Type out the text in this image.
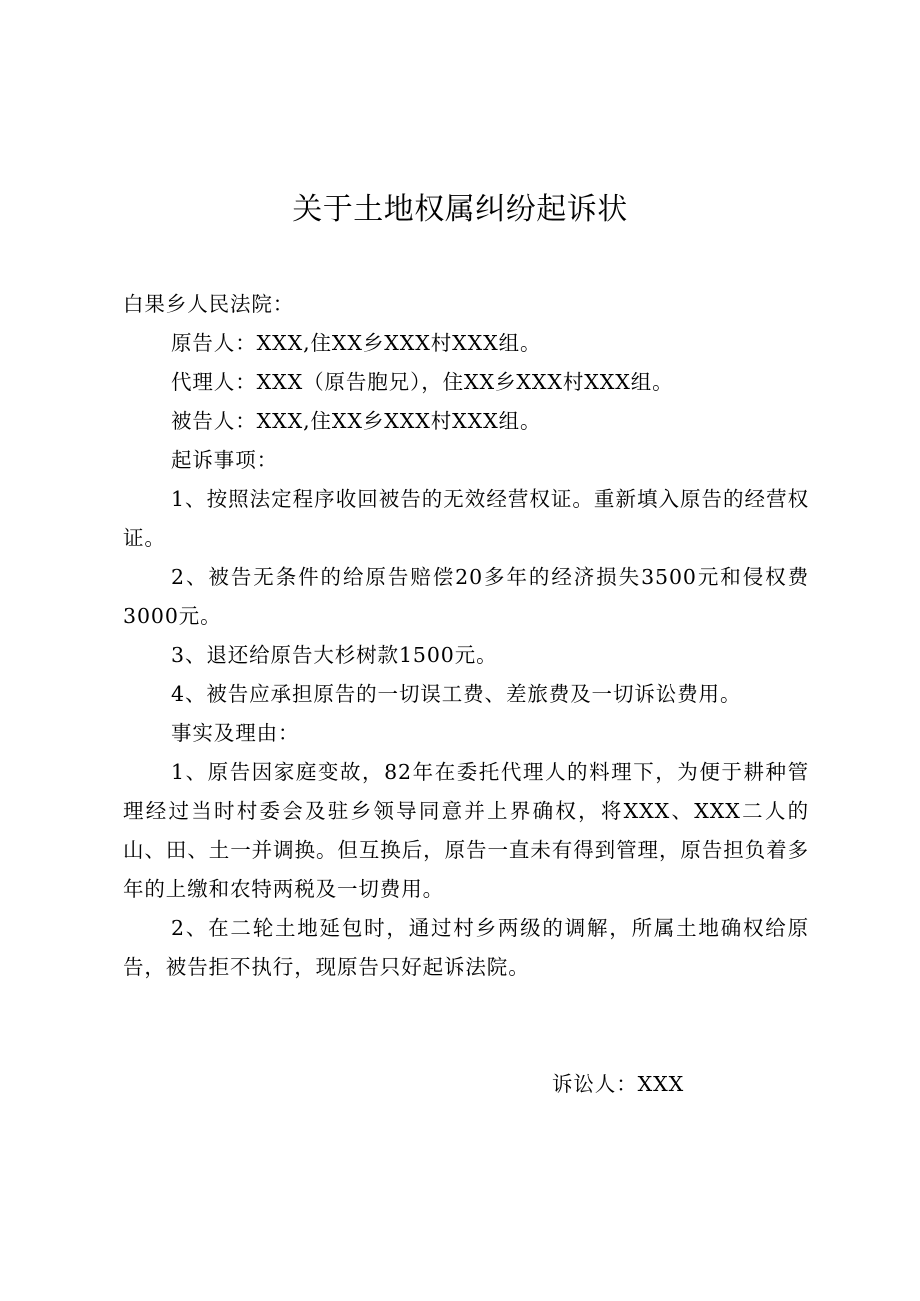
关于土地权属纠纷起诉状

白果乡人民法院：

原告人：XXX,住XX乡XXX村XXX组。

代理人：XXX（原告胞兄），住XX乡XXX村XXX组。

被告人：XXX,住XX乡XXX村XXX组。

起诉事项：

1、按照法定程序收回被告的无效经营权证。重新填入原告的经营权证。

2、被告无条件的给原告赔偿20多年的经济损失3500元和侵权费3000元。

3、退还给原告大杉树款1500元。

4、被告应承担原告的一切误工费、差旅费及一切诉讼费用。

事实及理由：

1、原告因家庭变故，82年在委托代理人的料理下，为便于耕种管理经过当时村委会及驻乡领导同意并上界确权，将XXX、XXX二人的山、田、土一并调换。但互换后，原告一直未有得到管理，原告担负着多年的上缴和农特两税及一切费用。

2、在二轮土地延包时，通过村乡两级的调解，所属土地确权给原告，被告拒不执行，现原告只好起诉法院。

诉讼人：XXX
